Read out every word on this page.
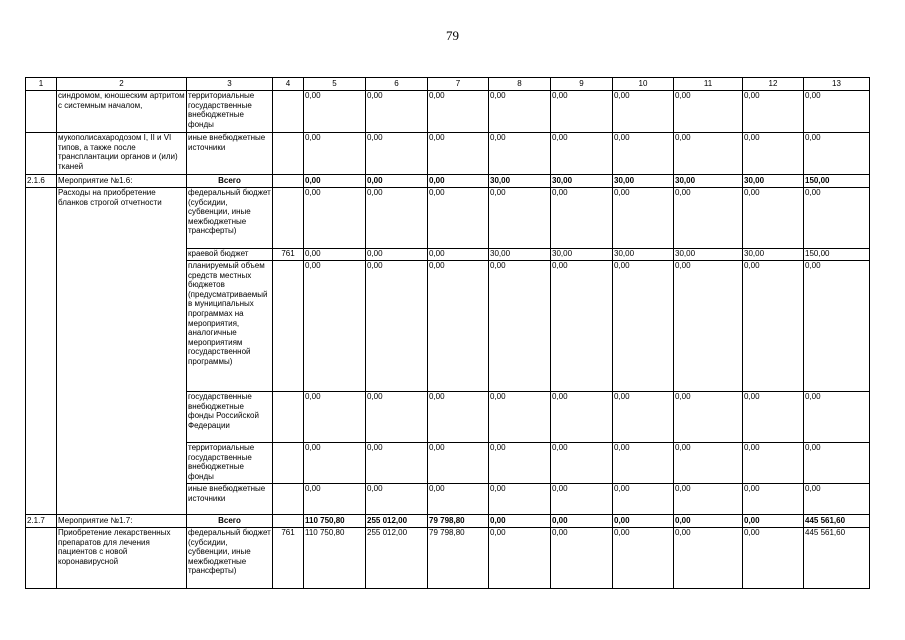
79
1	2	3	4	5	6	7	8	9	10	11	12	13
	синдромом, юношеским артритом с системным началом,	территориальные государственные внебюджетные фонды		0,00	0,00	0,00	0,00	0,00	0,00	0,00	0,00	0,00
	мукополисахародозом I, II и VI типов, а также после трансплантации органов и (или) тканей	иные внебюджетные источники		0,00	0,00	0,00	0,00	0,00	0,00	0,00	0,00	0,00
2.1.6	Мероприятие №1.6:	Всего		0,00	0,00	0,00	30,00	30,00	30,00	30,00	30,00	150,00
	Расходы на приобретение бланков строгой отчетности	федеральный бюджет (субсидии, субвенции, иные межбюджетные трансферты)		0,00	0,00	0,00	0,00	0,00	0,00	0,00	0,00	0,00
		краевой бюджет	761	0,00	0,00	0,00	30,00	30,00	30,00	30,00	30,00	150,00
		планируемый объем средств местных бюджетов (предусматриваемый в муниципальных программах на мероприятия, аналогичные мероприятиям государственной программы)		0,00	0,00	0,00	0,00	0,00	0,00	0,00	0,00	0,00
		государственные внебюджетные фонды Российской Федерации		0,00	0,00	0,00	0,00	0,00	0,00	0,00	0,00	0,00
		территориальные государственные внебюджетные фонды		0,00	0,00	0,00	0,00	0,00	0,00	0,00	0,00	0,00
		иные внебюджетные источники		0,00	0,00	0,00	0,00	0,00	0,00	0,00	0,00	0,00
2.1.7	Мероприятие №1.7:	Всего		110 750,80	255 012,00	79 798,80	0,00	0,00	0,00	0,00	0,00	445 561,60
	Приобретение лекарственных препаратов для лечения пациентов с новой коронавирусной	федеральный бюджет (субсидии, субвенции, иные межбюджетные трансферты)	761	110 750,80	255 012,00	79 798,80	0,00	0,00	0,00	0,00	0,00	445 561,60
